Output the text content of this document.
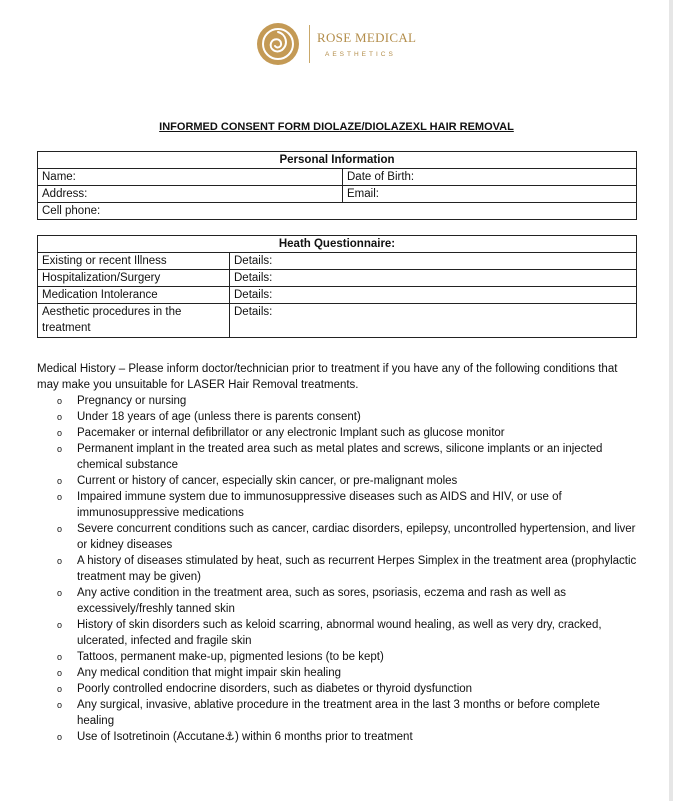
ROSE MEDICAL
AESTHETICS
INFORMED CONSENT FORM DIOLAZE/DIOLAZEXL HAIR REMOVAL
Personal Information	
Name:	Date of Birth:
Address:	Email:
Cell phone:	
Heath Questionnaire:	
Existing or recent Illness	Details:
Hospitalization/Surgery	Details:
Medication Intolerance	Details:
Aesthetic procedures in the treatment	Details:

Medical History – Please inform doctor/technician prior to treatment if you have any of the following conditions that may make you unsuitable for LASER Hair Removal treatments.

o Pregnancy or nursing
o Under 18 years of age (unless there is parents consent)
o Pacemaker or internal defibrillator or any electronic Implant such as glucose monitor
o Permanent implant in the treated area such as metal plates and screws, silicone implants or an injected chemical substance
o Current or history of cancer, especially skin cancer, or pre-malignant moles
o Impaired immune system due to immunosuppressive diseases such as AIDS and HIV, or use of immunosuppressive medications
o Severe concurrent conditions such as cancer, cardiac disorders, epilepsy, uncontrolled hypertension, and liver or kidney diseases
o A history of diseases stimulated by heat, such as recurrent Herpes Simplex in the treatment area (prophylactic treatment may be given)
o Any active condition in the treatment area, such as sores, psoriasis, eczema and rash as well as excessively/freshly tanned skin
o History of skin disorders such as keloid scarring, abnormal wound healing, as well as very dry, cracked, ulcerated, infected and fragile skin
o Tattoos, permanent make-up, pigmented lesions (to be kept)
o Any medical condition that might impair skin healing
o Poorly controlled endocrine disorders, such as diabetes or thyroid dysfunction
o Any surgical, invasive, ablative procedure in the treatment area in the last 3 months or before complete healing
o Use of Isotretinoin (Accutane⚓) within 6 months prior to treatment
